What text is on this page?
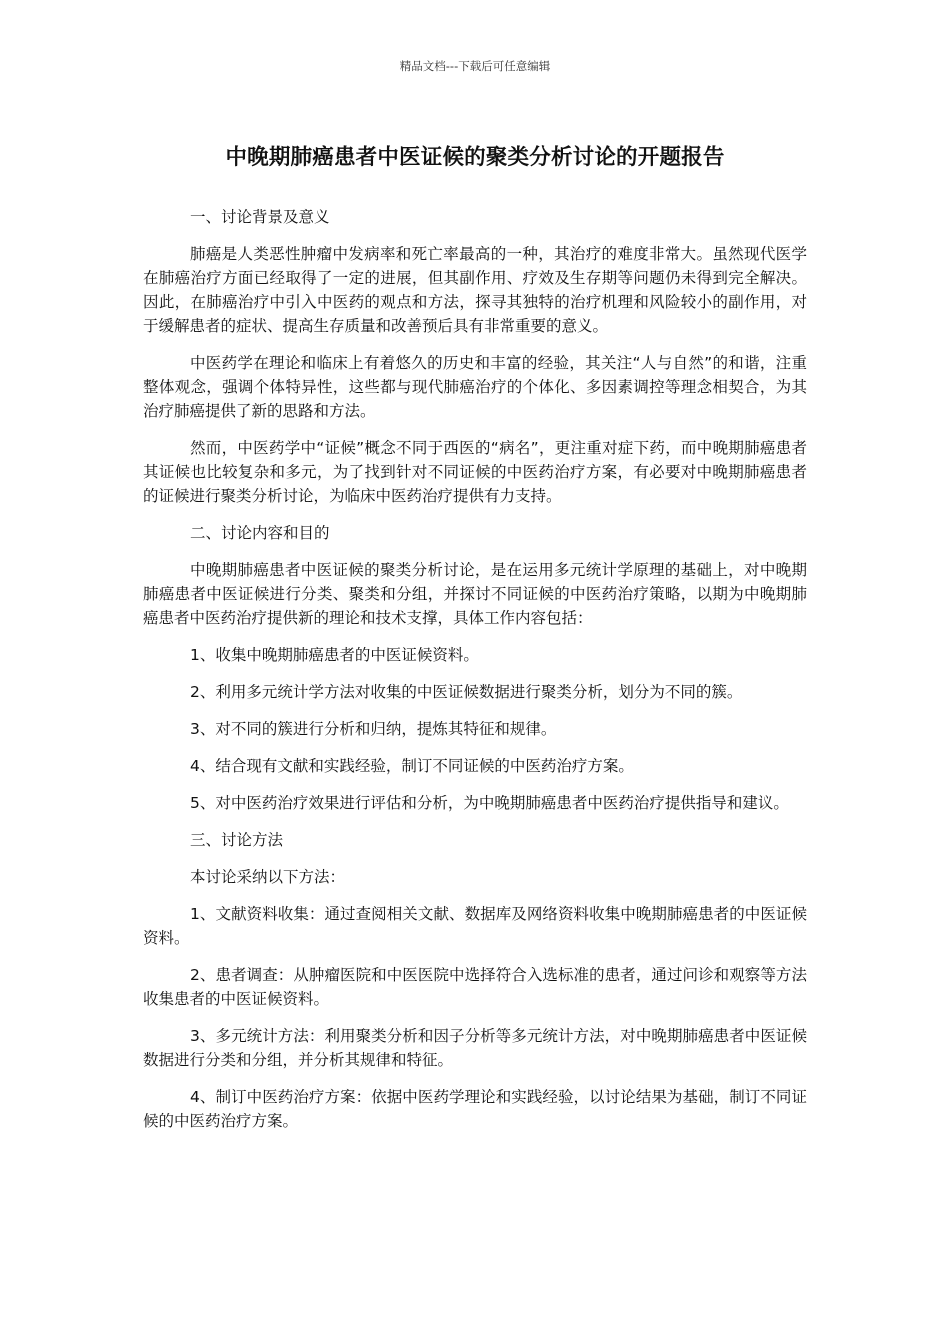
精品文档---下载后可任意编辑
中晚期肺癌患者中医证候的聚类分析讨论的开题报告

一、讨论背景及意义

肺癌是人类恶性肿瘤中发病率和死亡率最高的一种，其治疗的难度非常大。虽然现代医学在肺癌治疗方面已经取得了一定的进展，但其副作用、疗效及生存期等问题仍未得到完全解决。因此，在肺癌治疗中引入中医药的观点和方法，探寻其独特的治疗机理和风险较小的副作用，对于缓解患者的症状、提高生存质量和改善预后具有非常重要的意义。

中医药学在理论和临床上有着悠久的历史和丰富的经验，其关注“人与自然”的和谐，注重整体观念，强调个体特异性，这些都与现代肺癌治疗的个体化、多因素调控等理念相契合，为其治疗肺癌提供了新的思路和方法。

然而，中医药学中“证候”概念不同于西医的“病名”，更注重对症下药，而中晚期肺癌患者其证候也比较复杂和多元，为了找到针对不同证候的中医药治疗方案，有必要对中晚期肺癌患者的证候进行聚类分析讨论，为临床中医药治疗提供有力支持。

二、讨论内容和目的

中晚期肺癌患者中医证候的聚类分析讨论，是在运用多元统计学原理的基础上，对中晚期肺癌患者中医证候进行分类、聚类和分组，并探讨不同证候的中医药治疗策略，以期为中晚期肺癌患者中医药治疗提供新的理论和技术支撑，具体工作内容包括：

1、收集中晚期肺癌患者的中医证候资料。

2、利用多元统计学方法对收集的中医证候数据进行聚类分析，划分为不同的簇。

3、对不同的簇进行分析和归纳，提炼其特征和规律。

4、结合现有文献和实践经验，制订不同证候的中医药治疗方案。

5、对中医药治疗效果进行评估和分析，为中晚期肺癌患者中医药治疗提供指导和建议。

三、讨论方法

本讨论采纳以下方法：

1、文献资料收集：通过查阅相关文献、数据库及网络资料收集中晚期肺癌患者的中医证候资料。

2、患者调查：从肿瘤医院和中医医院中选择符合入选标准的患者，通过问诊和观察等方法收集患者的中医证候资料。

3、多元统计方法：利用聚类分析和因子分析等多元统计方法，对中晚期肺癌患者中医证候数据进行分类和分组，并分析其规律和特征。

4、制订中医药治疗方案：依据中医药学理论和实践经验，以讨论结果为基础，制订不同证候的中医药治疗方案。
